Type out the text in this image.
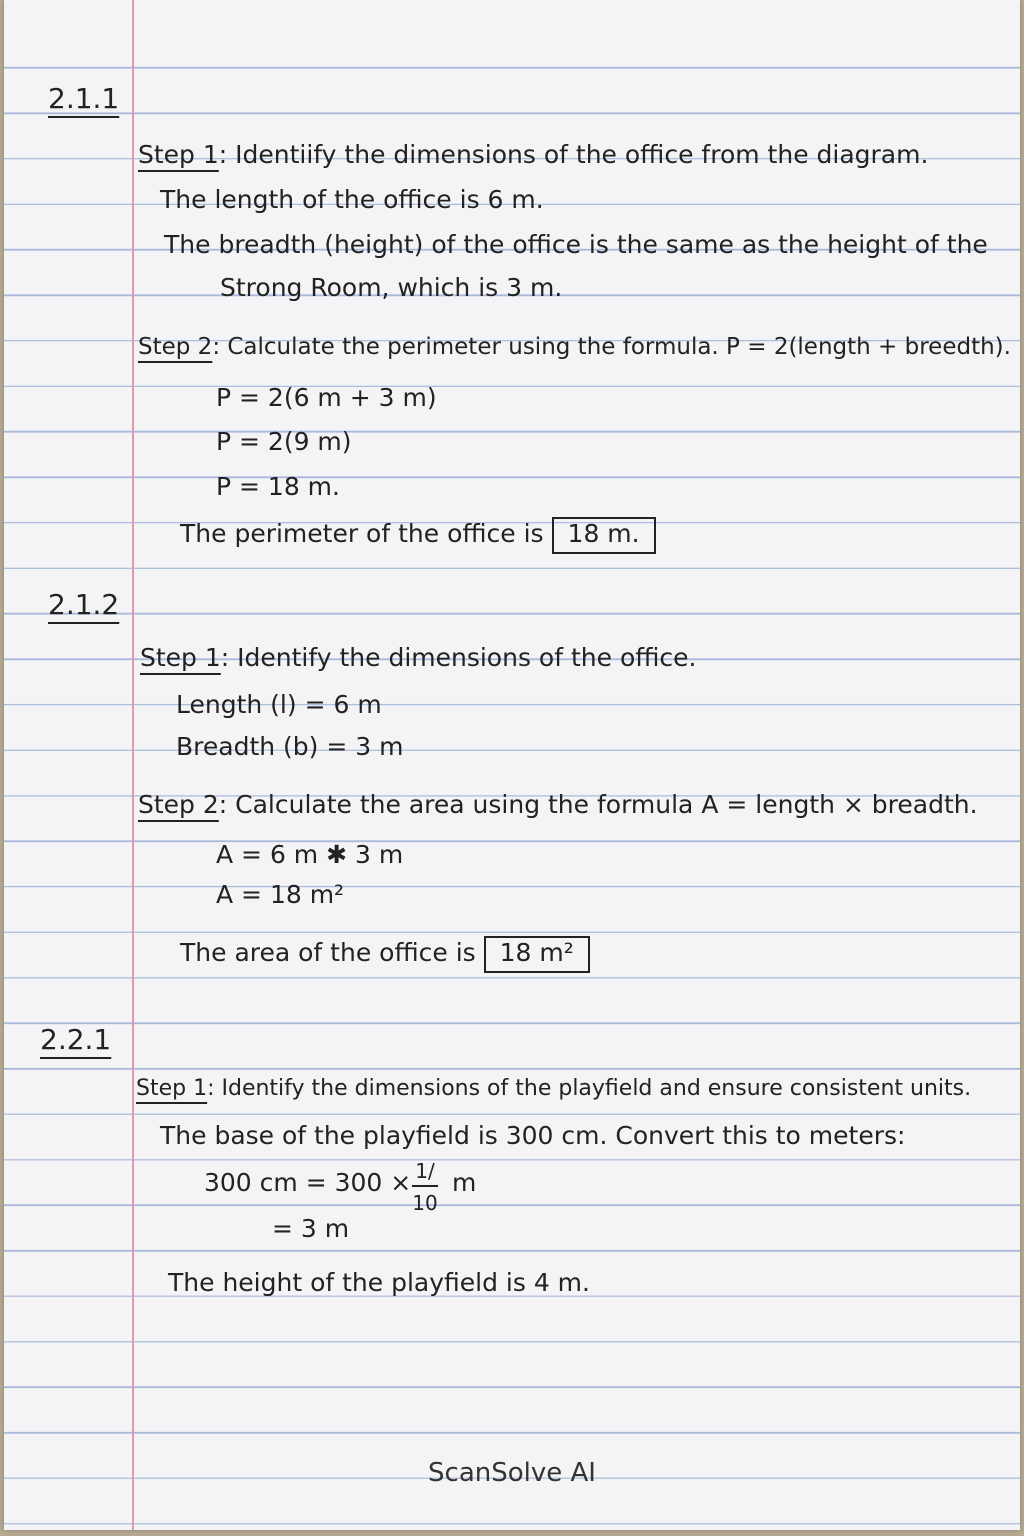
2.1.1
Step 1: Identiify the dimensions of the office from the diagram.
The length of the office is 6 m.
The breadth (height) of the office is the same as the height of the
Strong Room, which is 3 m.
Step 2: Calculate the perimeter using the formula. P = 2(length + breedth).
P = 2(6 m + 3 m)
P = 2(9 m)
P = 18 m.
The perimeter of the office is 18 m.
2.1.2
Step 1: Identify the dimensions of the office.
Length (l) = 6 m
Breadth (b) = 3 m
Step 2: Calculate the area using the formula A = length × breadth.
A = 6 m ✱ 3 m
A = 18 m²
The area of the office is 18 m²
2.2.1
Step 1: Identify the dimensions of the playfield and ensure consistent units.
The base of the playfield is 300 cm. Convert this to meters:
300 cm = 300 × 1/
10
m
= 3 m
The height of the playfield is 4 m.
ScanSolve AI
